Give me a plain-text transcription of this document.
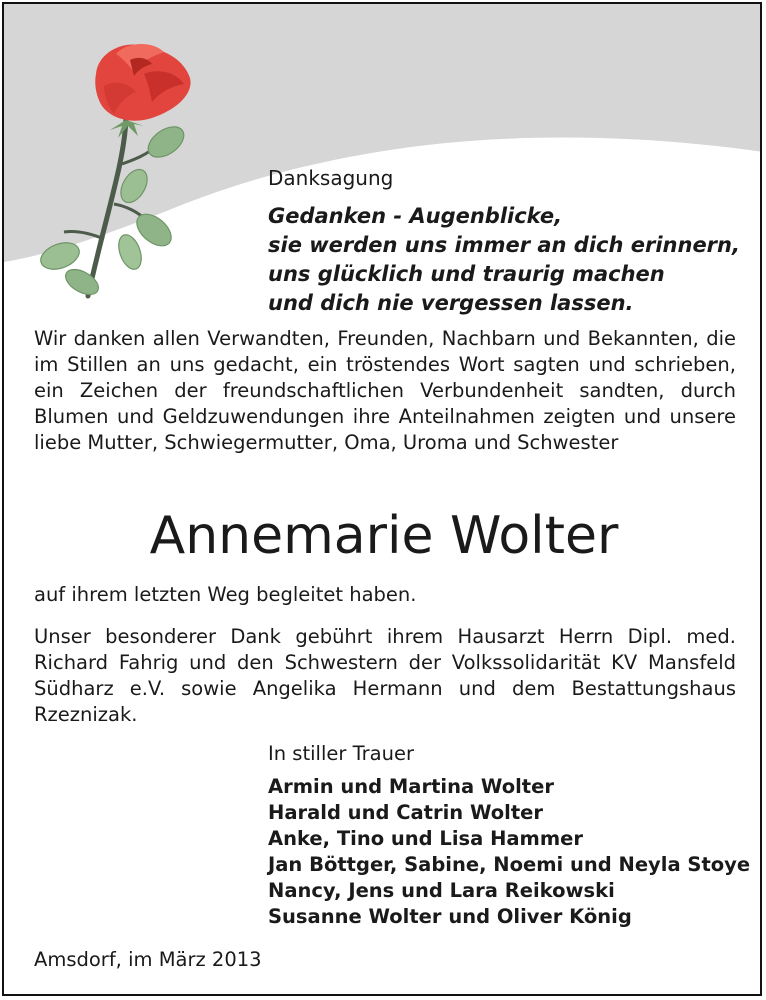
Danksagung
Gedanken - Augenblicke,
sie werden uns immer an dich erinnern,
uns glücklich und traurig machen
und dich nie vergessen lassen.
Wir danken allen Verwandten, Freunden, Nachbarn und Bekannten, die im Stillen an uns gedacht, ein tröstendes Wort sagten und schrieben, ein Zeichen der freundschaftlichen Verbundenheit sandten, durch Blumen und Geldzuwendungen ihre Anteilnahmen zeigten und unsere liebe Mutter, Schwiegermutter, Oma, Uroma und Schwester
Annemarie Wolter
auf ihrem letzten Weg begleitet haben.
Unser besonderer Dank gebührt ihrem Hausarzt Herrn Dipl. med. Richard Fahrig und den Schwestern der Volkssolidarität KV Mansfeld Südharz e.V. sowie Angelika Hermann und dem Bestattungshaus Rzeznizak.
In stiller Trauer
Armin und Martina Wolter
Harald und Catrin Wolter
Anke, Tino und Lisa Hammer
Jan Böttger, Sabine, Noemi und Neyla Stoye
Nancy, Jens und Lara Reikowski
Susanne Wolter und Oliver König
Amsdorf, im März 2013
